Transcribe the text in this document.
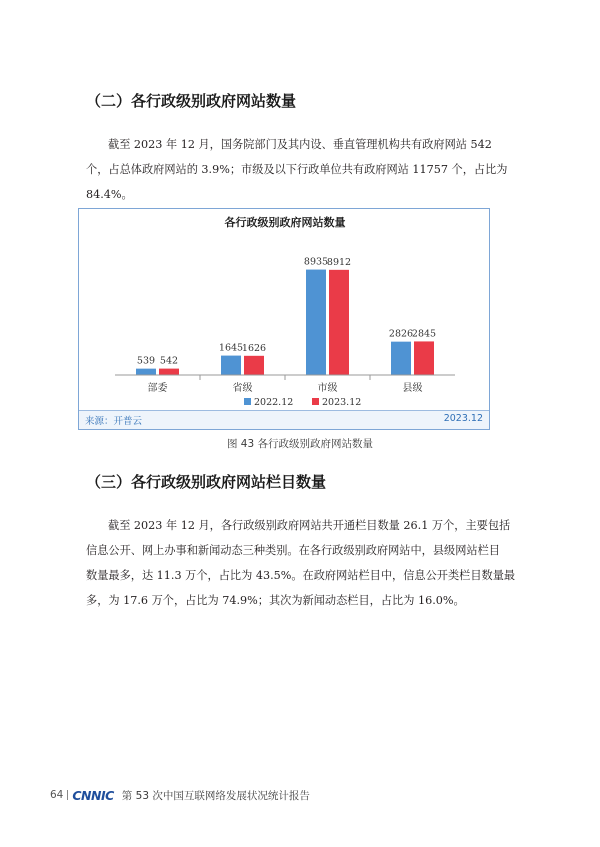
（二）各行政级别政府网站数量

截至 2023 年 12 月，国务院部门及其内设、垂直管理机构共有政府网站 542
个，占总体政府网站的 3.9%；市级及以下行政单位共有政府网站 11757 个，占比为
84.4%。

各行政级别政府网站数量
539 542
1645
1626
8935
8912
2826
2845
部委	省级	市级	县级
2022.12	2023.12
来源：开普云	2023.12
图 43 各行政级别政府网站数量
（三）各行政级别政府网站栏目数量

截至 2023 年 12 月，各行政级别政府网站共开通栏目数量 26.1 万个，主要包括
信息公开、网上办事和新闻动态三种类别。在各行政级别政府网站中，县级网站栏目
数量最多，达 11.3 万个，占比为 43.5%。在政府网站栏目中，信息公开类栏目数量最
多，为 17.6 万个，占比为 74.9%；其次为新闻动态栏目，占比为 16.0%。

64 CNNIC 第 53 次中国互联网络发展状况统计报告
